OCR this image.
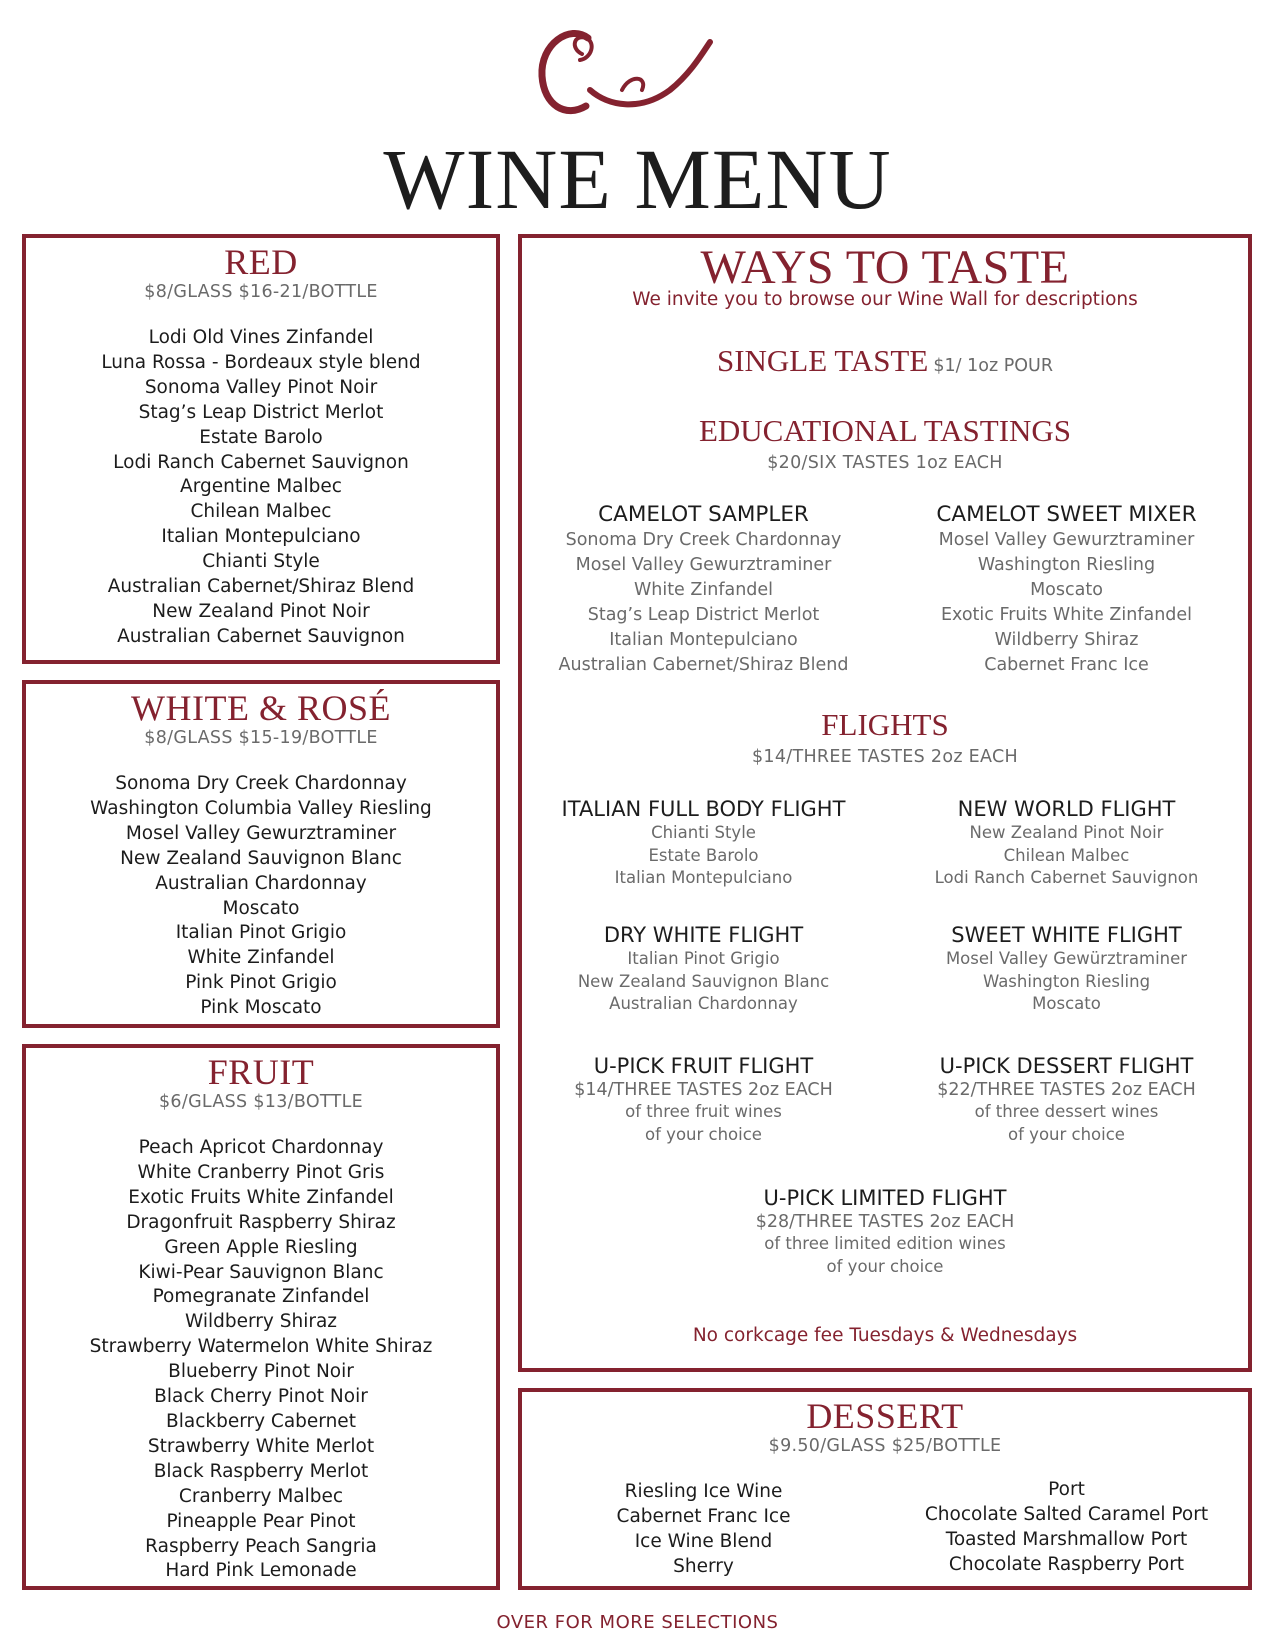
WINE MENU
RED
$8/GLASS $16-21/BOTTLE
Lodi Old Vines Zinfandel
Luna Rossa - Bordeaux style blend
Sonoma Valley Pinot Noir
Stag’s Leap District Merlot
Estate Barolo
Lodi Ranch Cabernet Sauvignon
Argentine Malbec
Chilean Malbec
Italian Montepulciano
Chianti Style
Australian Cabernet/Shiraz Blend
New Zealand Pinot Noir
Australian Cabernet Sauvignon
WHITE & ROSÉ
$8/GLASS $15-19/BOTTLE
Sonoma Dry Creek Chardonnay
Washington Columbia Valley Riesling
Mosel Valley Gewurztraminer
New Zealand Sauvignon Blanc
Australian Chardonnay
Moscato
Italian Pinot Grigio
White Zinfandel
Pink Pinot Grigio
Pink Moscato
FRUIT
$6/GLASS $13/BOTTLE
Peach Apricot Chardonnay
White Cranberry Pinot Gris
Exotic Fruits White Zinfandel
Dragonfruit Raspberry Shiraz
Green Apple Riesling
Kiwi-Pear Sauvignon Blanc
Pomegranate Zinfandel
Wildberry Shiraz
Strawberry Watermelon White Shiraz
Blueberry Pinot Noir
Black Cherry Pinot Noir
Blackberry Cabernet
Strawberry White Merlot
Black Raspberry Merlot
Cranberry Malbec
Pineapple Pear Pinot
Raspberry Peach Sangria
Hard Pink Lemonade
WAYS TO TASTE
We invite you to browse our Wine Wall for descriptions
SINGLE TASTE $1/ 1oz POUR
EDUCATIONAL TASTINGS
$20/SIX TASTES 1oz EACH
CAMELOT SAMPLER
Sonoma Dry Creek Chardonnay
Mosel Valley Gewurztraminer
White Zinfandel
Stag’s Leap District Merlot
Italian Montepulciano
Australian Cabernet/Shiraz Blend
CAMELOT SWEET MIXER
Mosel Valley Gewurztraminer
Washington Riesling
Moscato
Exotic Fruits White Zinfandel
Wildberry Shiraz
Cabernet Franc Ice
FLIGHTS
$14/THREE TASTES 2oz EACH
ITALIAN FULL BODY FLIGHT
Chianti Style
Estate Barolo
Italian Montepulciano
NEW WORLD FLIGHT
New Zealand Pinot Noir
Chilean Malbec
Lodi Ranch Cabernet Sauvignon
DRY WHITE FLIGHT
Italian Pinot Grigio
New Zealand Sauvignon Blanc
Australian Chardonnay
SWEET WHITE FLIGHT
Mosel Valley Gewürztraminer
Washington Riesling
Moscato
U-PICK FRUIT FLIGHT
$14/THREE TASTES 2oz EACH
of three fruit wines
of your choice
U-PICK DESSERT FLIGHT
$22/THREE TASTES 2oz EACH
of three dessert wines
of your choice
U-PICK LIMITED FLIGHT
$28/THREE TASTES 2oz EACH
of three limited edition wines
of your choice
No corkcage fee Tuesdays & Wednesdays
DESSERT
$9.50/GLASS $25/BOTTLE
Riesling Ice Wine
Cabernet Franc Ice
Ice Wine Blend
Sherry
Port
Chocolate Salted Caramel Port
Toasted Marshmallow Port
Chocolate Raspberry Port
OVER FOR MORE SELECTIONS
